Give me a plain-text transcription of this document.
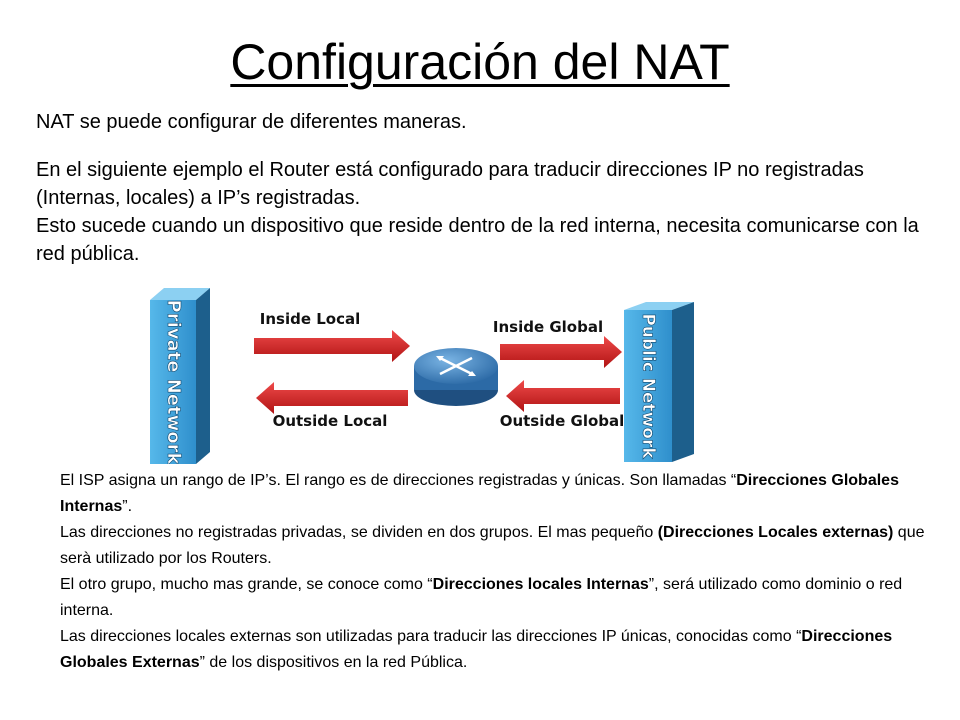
Configuración del NAT

NAT se puede configurar de diferentes maneras.

En el siguiente ejemplo el Router está configurado para traducir direcciones IP no registradas (Internas, locales) a IP’s registradas.

Esto sucede cuando un dispositivo que reside dentro de la red interna, necesita comunicarse con la red pública.

Private Network	Public Network
Inside Local
Outside Local
Inside Global
Outside Global

El ISP asigna un rango de IP’s. El rango es de direcciones registradas y únicas. Son llamadas “Direcciones Globales Internas”.

Las direcciones no registradas privadas, se dividen en dos grupos. El mas pequeño (Direcciones Locales externas) que serà utilizado por los Routers.

El otro grupo, mucho mas grande, se conoce como “Direcciones locales Internas”, será utilizado como dominio o red interna.

Las direcciones locales externas son utilizadas para traducir las direcciones IP únicas, conocidas como “Direcciones Globales Externas” de los dispositivos en la red Pública.
